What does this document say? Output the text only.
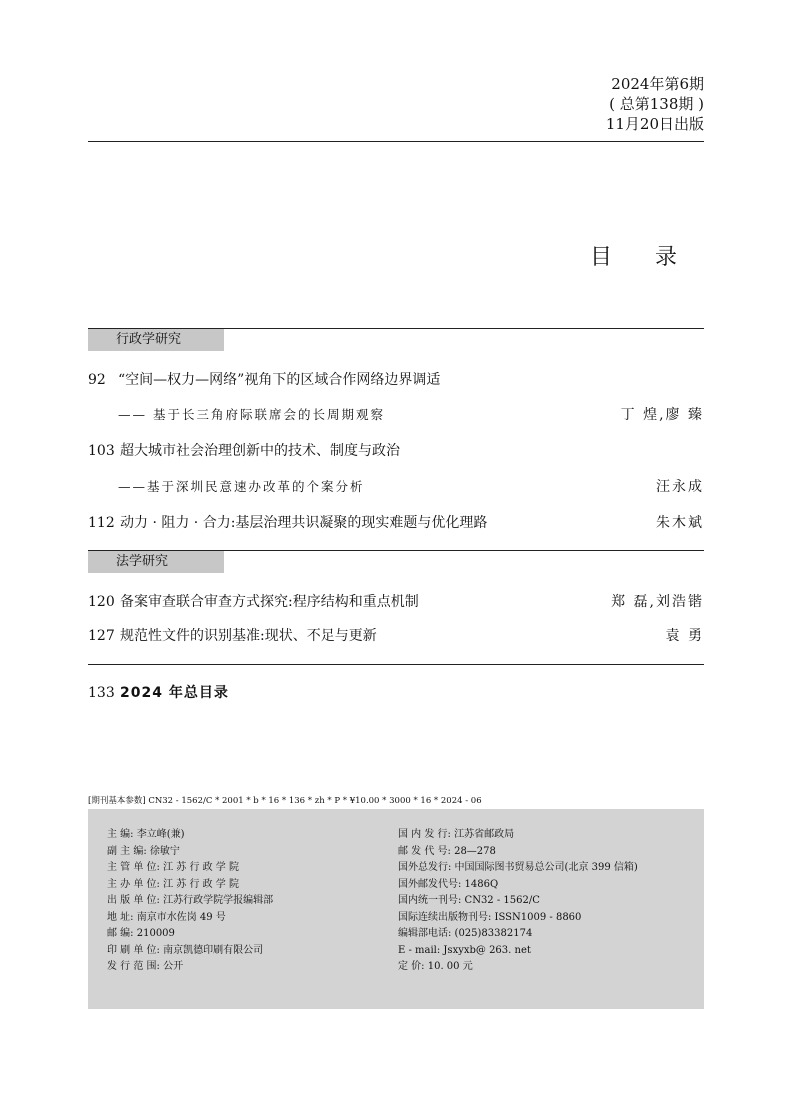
2024年第6期
( 总第138期 )
11月20日出版
目 录
行政学研究
92 “空间—权力—网络”视角下的区域合作网络边界调适
—— 基于长三角府际联席会的长周期观察	丁 煌,廖 臻
103 超大城市社会治理创新中的技术、制度与政治
——基于深圳民意速办改革的个案分析	汪永成
112 动力 · 阻力 · 合力:基层治理共识凝聚的现实难题与优化理路	朱木斌
法学研究
120 备案审查联合审查方式探究:程序结构和重点机制	郑 磊,刘浩锴
127 规范性文件的识别基准:现状、不足与更新	袁 勇
133 2024 年总目录
[期刊基本参数] CN32 - 1562/C * 2001 * b * 16 * 136 * zh * P * ¥10.00 * 3000 * 16 * 2024 - 06
主 编: 李立峰(兼)
副 主 编: 徐敏宁
主 管 单 位: 江 苏 行 政 学 院
主 办 单 位: 江 苏 行 政 学 院
出 版 单 位: 江苏行政学院学报编辑部
地 址: 南京市水佐岗 49 号
邮 编: 210009
印 刷 单 位: 南京凯德印刷有限公司
发 行 范 围: 公开
国 内 发 行: 江苏省邮政局
邮 发 代 号: 28—278
国外总发行: 中国国际图书贸易总公司(北京 399 信箱)
国外邮发代号: 1486Q
国内统一刊号: CN32 - 1562/C
国际连续出版物刊号: ISSN1009 - 8860
编辑部电话: (025)83382174
E - mail: Jsxyxb@ 263. net
定 价: 10. 00 元
